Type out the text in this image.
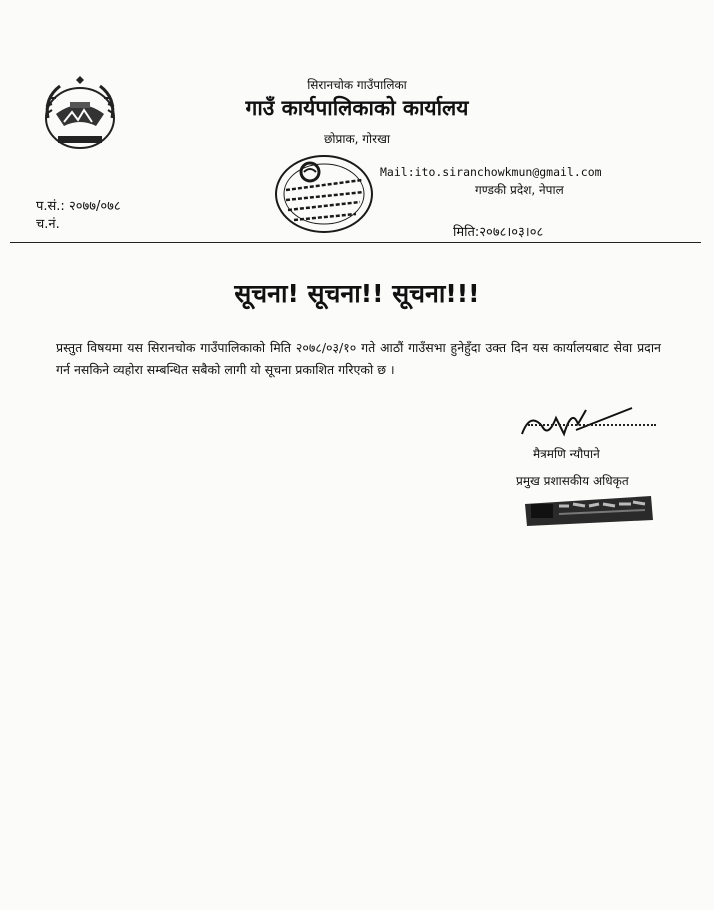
सिरानचोक गाउँपालिका
गाउँ कार्यपालिकाको कार्यालय
छोप्राक, गोरखा
Mail:ito.siranchowkmun@gmail.com
गण्डकी प्रदेश, नेपाल
प.सं.: २०७७/०७८
च.नं.
मिति:२०७८।०३।०८
सूचना! सूचना!! सूचना!!!
प्रस्तुत विषयमा यस सिरानचोक गाउँपालिकाको मिति २०७८/०३/१० गते आठौं गाउँसभा हुनेहुँदा उक्त दिन यस कार्यालयबाट सेवा प्रदान गर्न नसकिने व्यहोरा सम्बन्धित सबैको लागी यो सूचना प्रकाशित गरिएको छ ।
मैत्रमणि न्यौपाने
प्रमुख प्रशासकीय अधिकृत
